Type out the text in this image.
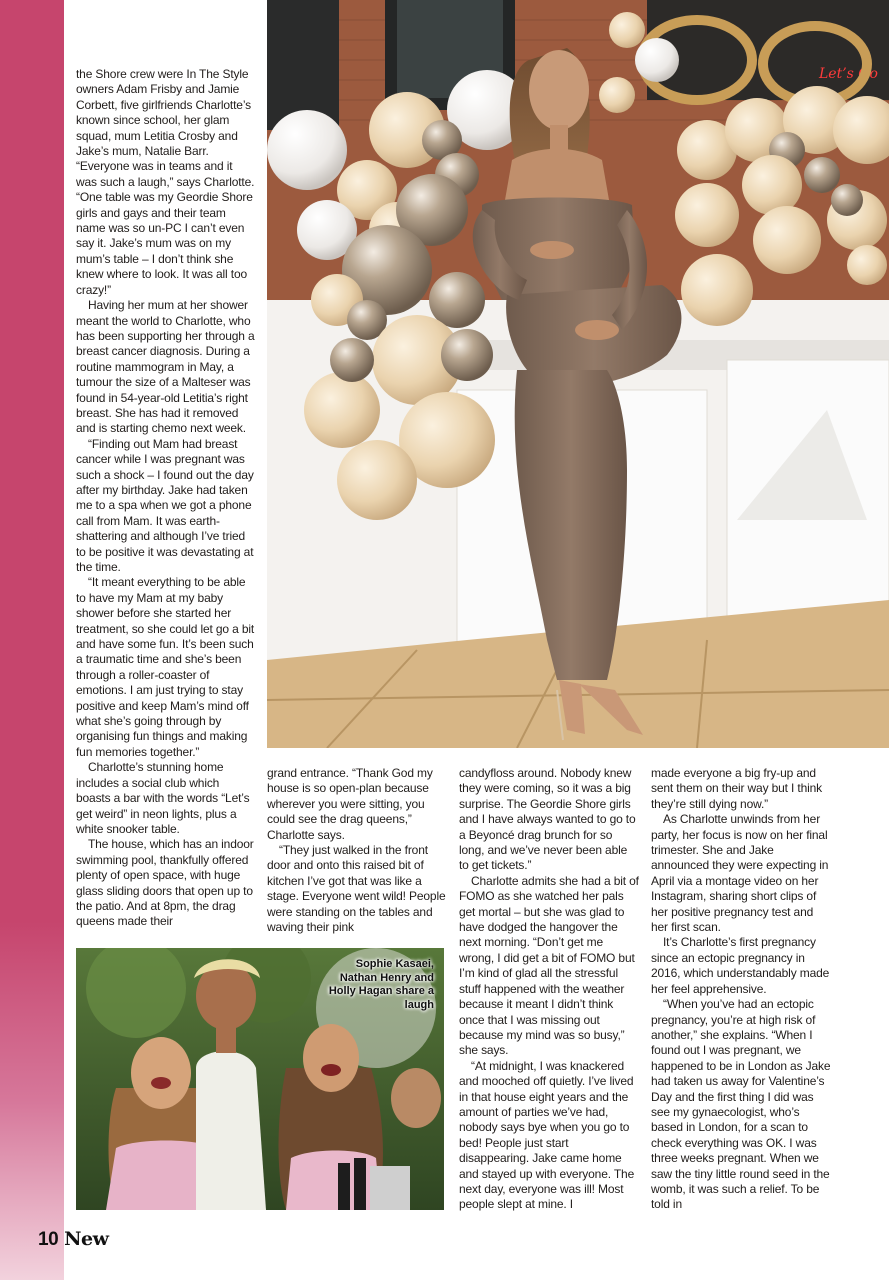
Let’s Go

the Shore crew were In The Style owners Adam Frisby and Jamie Corbett, five girlfriends Charlotte’s known since school, her glam squad, mum Letitia Crosby and Jake’s mum, Natalie Barr. “Everyone was in teams and it was such a laugh,” says Charlotte. “One table was my Geordie Shore girls and gays and their team name was so un-PC I can’t even say it. Jake’s mum was on my mum’s table – I don’t think she knew where to look. It was all too crazy!”

Having her mum at her shower meant the world to Charlotte, who has been supporting her through a breast cancer diagnosis. During a routine mammogram in May, a tumour the size of a Malteser was found in 54-year-old Letitia’s right breast. She has had it removed and is starting chemo next week.

“Finding out Mam had breast cancer while I was pregnant was such a shock – I found out the day after my birthday. Jake had taken me to a spa when we got a phone call from Mam. It was earth-shattering and although I’ve tried to be positive it was devastating at the time.

“It meant everything to be able to have my Mam at my baby shower before she started her treatment, so she could let go a bit and have some fun. It’s been such a traumatic time and she’s been through a roller-coaster of emotions. I am just trying to stay positive and keep Mam’s mind off what she’s going through by organising fun things and making fun memories together.”

Charlotte’s stunning home includes a social club which boasts a bar with the words “Let’s get weird” in neon lights, plus a white snooker table.

The house, which has an indoor swimming pool, thankfully offered plenty of open space, with huge glass sliding doors that open up to the patio. And at 8pm, the drag queens made their

grand entrance. “Thank God my house is so open-plan because wherever you were sitting, you could see the drag queens,” Charlotte says.

“They just walked in the front door and onto this raised bit of kitchen I’ve got that was like a stage. Everyone went wild! People were standing on the tables and waving their pink

candyfloss around. Nobody knew they were coming, so it was a big surprise. The Geordie Shore girls and I have always wanted to go to a Beyoncé drag brunch for so long, and we’ve never been able to get tickets.”

Charlotte admits she had a bit of FOMO as she watched her pals get mortal – but she was glad to have dodged the hangover the next morning. “Don’t get me wrong, I did get a bit of FOMO but I’m kind of glad all the stressful stuff happened with the weather because it meant I didn’t think once that I was missing out because my mind was so busy,” she says.

“At midnight, I was knackered and mooched off quietly. I’ve lived in that house eight years and the amount of parties we’ve had, nobody says bye when you go to bed! People just start disappearing. Jake came home and stayed up with everyone. The next day, everyone was ill! Most people slept at mine. I

made everyone a big fry-up and sent them on their way but I think they’re still dying now.”

As Charlotte unwinds from her party, her focus is now on her final trimester. She and Jake announced they were expecting in April via a montage video on her Instagram, sharing short clips of her positive pregnancy test and her first scan.

It’s Charlotte’s first pregnancy since an ectopic pregnancy in 2016, which understandably made her feel apprehensive.

“When you’ve had an ectopic pregnancy, you’re at high risk of another,” she explains. “When I found out I was pregnant, we happened to be in London as Jake had taken us away for Valentine’s Day and the first thing I did was see my gynaecologist, who’s based in London, for a scan to check everything was OK. I was three weeks pregnant. When we saw the tiny little round seed in the womb, it was such a relief. To be told in

Sophie Kasaei, Nathan Henry and Holly Hagan share a laugh
10 New
